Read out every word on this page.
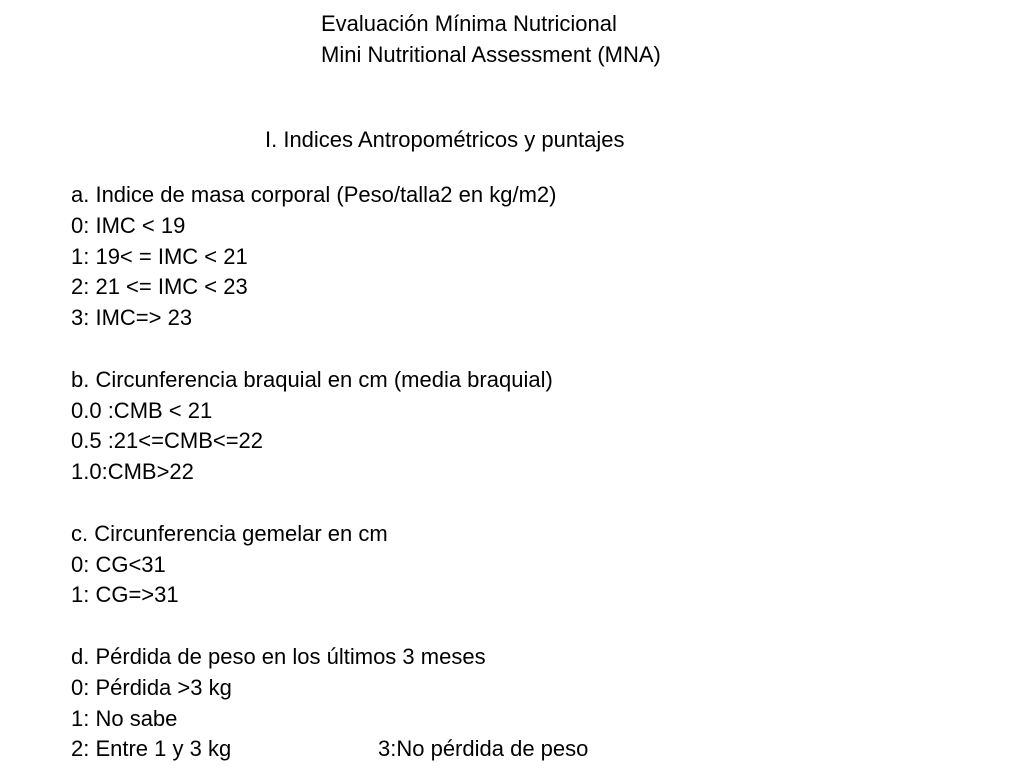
Evaluación Mínima Nutricional
Mini Nutritional Assessment (MNA)
I. Indices Antropométricos y puntajes
a. Indice de masa corporal (Peso/talla2 en kg/m2)
0: IMC < 19
1: 19< = IMC < 21
2: 21 <= IMC < 23
3: IMC=> 23
b. Circunferencia braquial en cm (media braquial)
0.0 :CMB < 21
0.5 :21<=CMB<=22
1.0:CMB>22
c. Circunferencia gemelar en cm
0: CG<31
1: CG=>31
d. Pérdida de peso en los últimos 3 meses
0: Pérdida >3 kg
1: No sabe
2: Entre 1 y 3 kg	3:No pérdida de peso
